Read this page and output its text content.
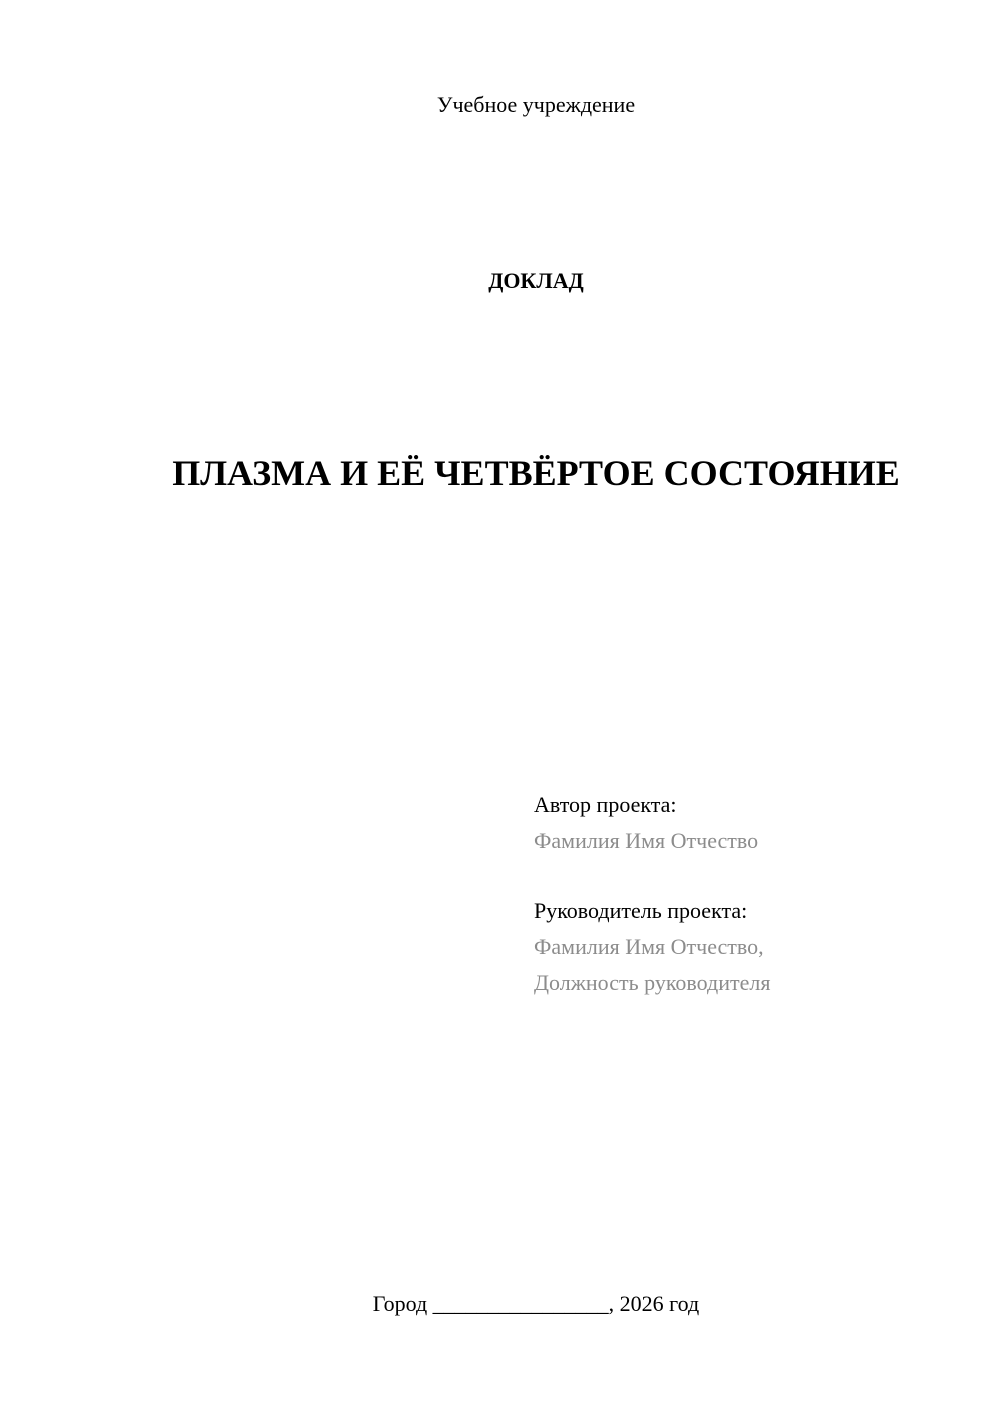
Учебное учреждение
ДОКЛАД
ПЛАЗМА И ЕЁ ЧЕТВЁРТОЕ СОСТОЯНИЕ
Автор проекта:
Фамилия Имя Отчество
Руководитель проекта:
Фамилия Имя Отчество,
Должность руководителя
Город ________________, 2026 год
